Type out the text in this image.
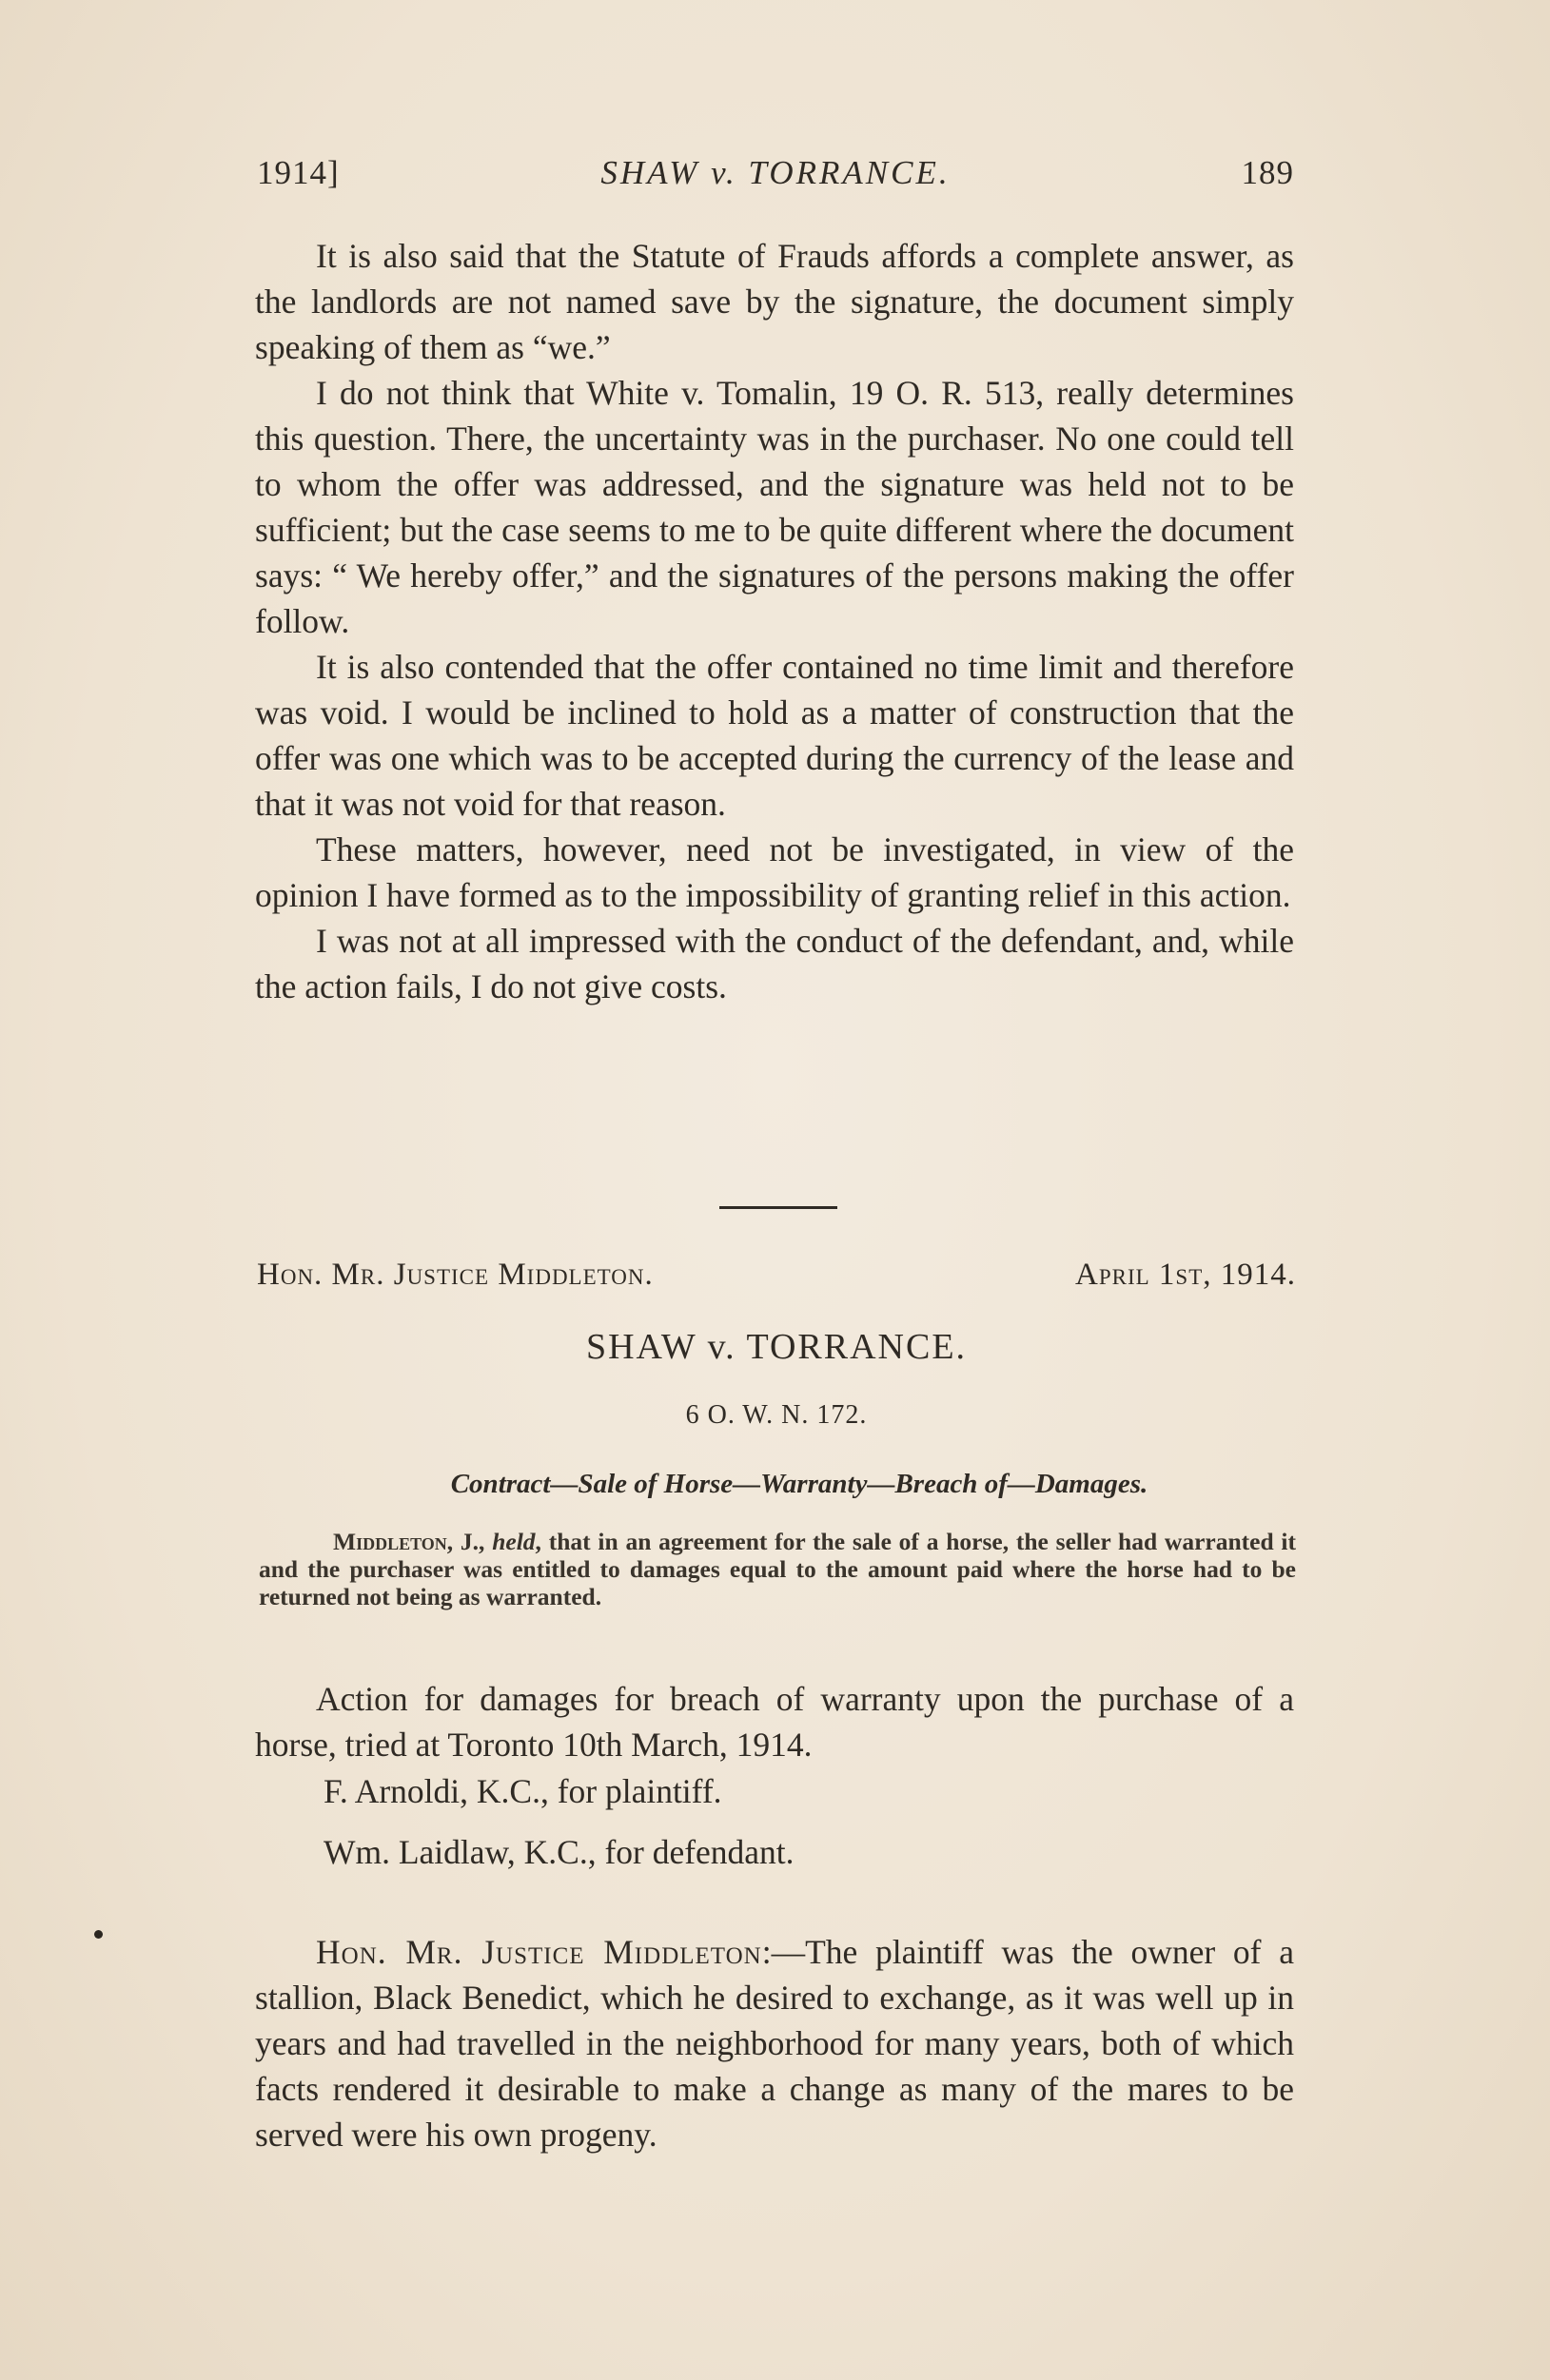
1914]	SHAW v. TORRANCE.	189

It is also said that the Statute of Frauds affords a complete answer, as the landlords are not named save by the signature, the document simply speaking of them as “we.”

I do not think that White v. Tomalin, 19 O. R. 513, really determines this question. There, the uncertainty was in the purchaser. No one could tell to whom the offer was addressed, and the signature was held not to be sufficient; but the case seems to me to be quite different where the document says: “ We hereby offer,” and the signatures of the persons making the offer follow.

It is also contended that the offer contained no time limit and therefore was void. I would be inclined to hold as a matter of construction that the offer was one which was to be accepted during the currency of the lease and that it was not void for that reason.

These matters, however, need not be investigated, in view of the opinion I have formed as to the impossibility of granting relief in this action.

I was not at all impressed with the conduct of the defendant, and, while the action fails, I do not give costs.

Hon. Mr. Justice Middleton.	April 1st, 1914.
SHAW v. TORRANCE.
6 O. W. N. 172.
Contract—Sale of Horse—Warranty—Breach of—Damages.

Middleton, J., held, that in an agreement for the sale of a horse, the seller had warranted it and the purchaser was entitled to damages equal to the amount paid where the horse had to be returned not being as warranted.

Action for damages for breach of warranty upon the purchase of a horse, tried at Toronto 10th March, 1914.

F. Arnoldi, K.C., for plaintiff.

Wm. Laidlaw, K.C., for defendant.

Hon. Mr. Justice Middleton:—The plaintiff was the owner of a stallion, Black Benedict, which he desired to exchange, as it was well up in years and had travelled in the neighborhood for many years, both of which facts rendered it desirable to make a change as many of the mares to be served were his own progeny.
